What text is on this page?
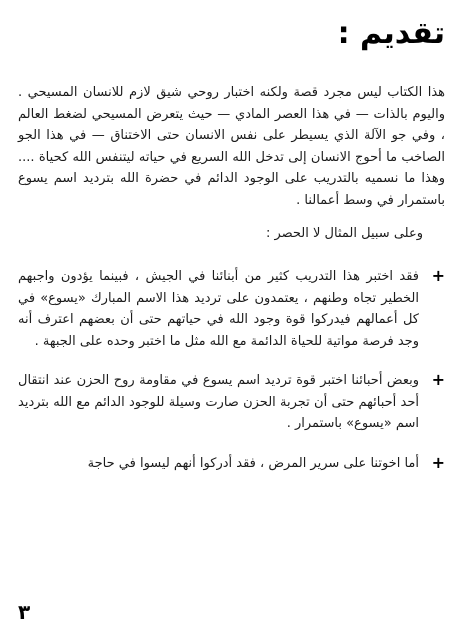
تقديم :

هذا الكتاب ليس مجرد قصة ولكنه اختبار روحي شيق لازم للانسان المسيحي . واليوم بالذات — في هذا العصر المادي — حيث يتعرض المسيحي لضغط العالم ، وفي جو الآلة الذي يسيطر على نفس الانسان حتى الاختناق — في هذا الجو الصاخب ما أحوج الانسان إلى تدخل الله السريع في حياته ليتنفس الله كحياة .... وهذا ما نسميه بالتدريب على الوجود الدائم في حضرة الله بترديد اسم يسوع باستمرار في وسط أعمالنا .

وعلى سبيل المثال لا الحصر :

+

فقد اختبر هذا التدريب كثير من أبنائنا في الجيش ، فبينما يؤدون واجبهم الخطير تجاه وطنهم ، يعتمدون على ترديد هذا الاسم المبارك «يسوع» في كل أعمالهم فيدركوا قوة وجود الله في حياتهم حتى أن بعضهم اعترف أنه وجد فرصة مواتية للحياة الدائمة مع الله مثل ما اختبر وحده على الجبهة .

+

وبعض أحبائنا اختبر قوة ترديد اسم يسوع في مقاومة روح الحزن عند انتقال أحد أحبائهم حتى أن تجربة الحزن صارت وسيلة للوجود الدائم مع الله بترديد اسم «يسوع» باستمرار .

+

أما اخوتنا على سرير المرض ، فقد أدركوا أنهم ليسوا في حاجة

٣
